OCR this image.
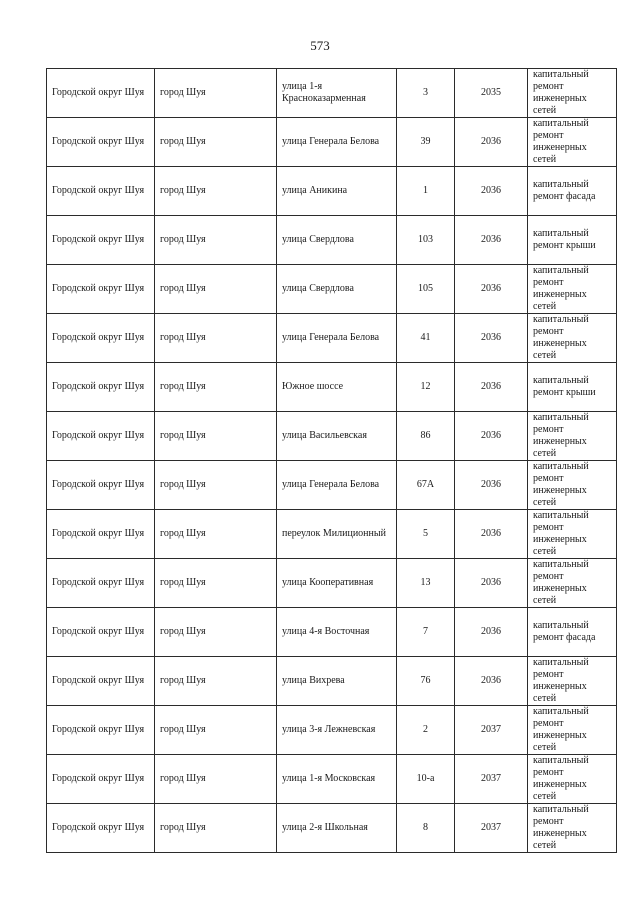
573
Городской округ Шуя	город Шуя	улица 1-я Красноказарменная	3	2035	капитальный ремонт инженерных сетей
Городской округ Шуя	город Шуя	улица Генерала Белова	39	2036	капитальный ремонт инженерных сетей
Городской округ Шуя	город Шуя	улица Аникина	1	2036	капитальный ремонт фасада
Городской округ Шуя	город Шуя	улица Свердлова	103	2036	капитальный ремонт крыши
Городской округ Шуя	город Шуя	улица Свердлова	105	2036	капитальный ремонт инженерных сетей
Городской округ Шуя	город Шуя	улица Генерала Белова	41	2036	капитальный ремонт инженерных сетей
Городской округ Шуя	город Шуя	Южное шоссе	12	2036	капитальный ремонт крыши
Городской округ Шуя	город Шуя	улица Васильевская	86	2036	капитальный ремонт инженерных сетей
Городской округ Шуя	город Шуя	улица Генерала Белова	67А	2036	капитальный ремонт инженерных сетей
Городской округ Шуя	город Шуя	переулок Милиционный	5	2036	капитальный ремонт инженерных сетей
Городской округ Шуя	город Шуя	улица Кооперативная	13	2036	капитальный ремонт инженерных сетей
Городской округ Шуя	город Шуя	улица 4-я Восточная	7	2036	капитальный ремонт фасада
Городской округ Шуя	город Шуя	улица Вихрева	76	2036	капитальный ремонт инженерных сетей
Городской округ Шуя	город Шуя	улица 3-я Лежневская	2	2037	капитальный ремонт инженерных сетей
Городской округ Шуя	город Шуя	улица 1-я Московская	10-а	2037	капитальный ремонт инженерных сетей
Городской округ Шуя	город Шуя	улица 2-я Школьная	8	2037	капитальный ремонт инженерных сетей
